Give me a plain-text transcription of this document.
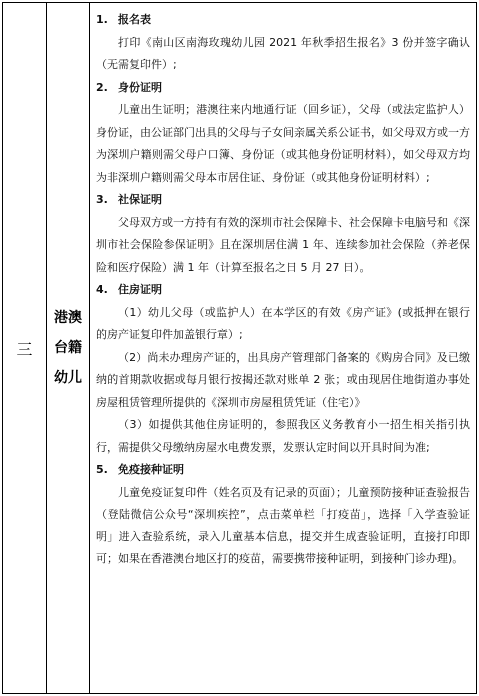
三
港澳
台籍
幼儿
1. 报名表
打印《南山区南海玫瑰幼儿园 2021 年秋季招生报名》3 份并签字确认（无需复印件）;
2. 身份证明
儿童出生证明；港澳往来内地通行证（回乡证），父母（或法定监护人）身份证，由公证部门出具的父母与子女间亲属关系公证书，如父母双方或一方为深圳户籍则需父母户口簿、身份证（或其他身份证明材料），如父母双方均为非深圳户籍则需父母本市居住证、身份证（或其他身份证明材料）;
3. 社保证明
父母双方或一方持有有效的深圳市社会保障卡、社会保障卡电脑号和《深圳市社会保险参保证明》且在深圳居住满 1 年、连续参加社会保险（养老保险和医疗保险）满 1 年（计算至报名之日 5 月 27 日）。
4. 住房证明
（1）幼儿父母（或监护人）在本学区的有效《房产证》(或抵押在银行的房产证复印件加盖银行章）;
（2）尚未办理房产证的，出具房产管理部门备案的《购房合同》及已缴纳的首期款收据或每月银行按揭还款对账单 2 张；或由现居住地街道办事处房屋租赁管理所提供的《深圳市房屋租赁凭证（住宅）》
（3）如提供其他住房证明的，参照我区义务教育小一招生相关指引执行，需提供父母缴纳房屋水电费发票，发票认定时间以开具时间为准;
5. 免疫接种证明
儿童免疫证复印件（姓名页及有记录的页面）；儿童预防接种证查验报告（登陆微信公众号“深圳疾控”，点击菜单栏「打疫苗」，选择「入学查验证明」进入查验系统，录入儿童基本信息，提交并生成查验证明，直接打印即可；如果在香港澳台地区打的疫苗，需要携带接种证明，到接种门诊办理)。
